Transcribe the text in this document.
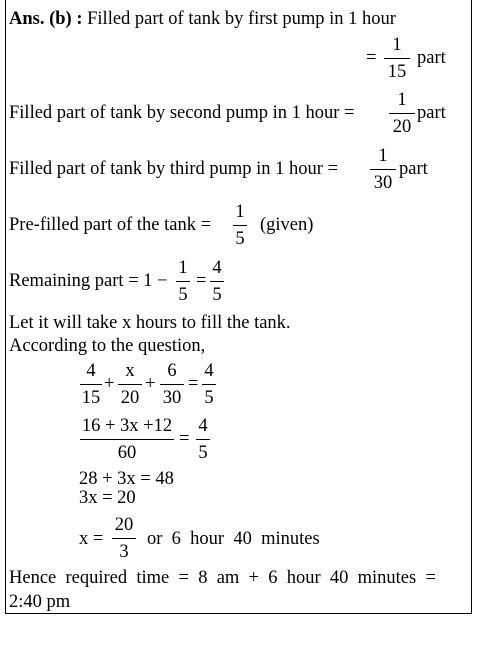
Ans. (b) : Filled part of tank by first pump in 1 hour
=
1
15
part
Filled part of tank by second pump in 1 hour =
1
20
part
Filled part of tank by third pump in 1 hour =
1
30
part
Pre-filled part of the tank =
1
5
(given)
Remaining part = 1 −
1
5
=
4
5
Let it will take x hours to fill the tank.
According to the question,
4
15
+
x
20
+
6
30
=
4
5
16 + 3x +12
60
=
4
5
28 + 3x = 48
3x = 20
x =
20
3
or  6  hour  40  minutes
Hence  required  time  =  8  am  +  6  hour  40  minutes  =
2:40 pm
